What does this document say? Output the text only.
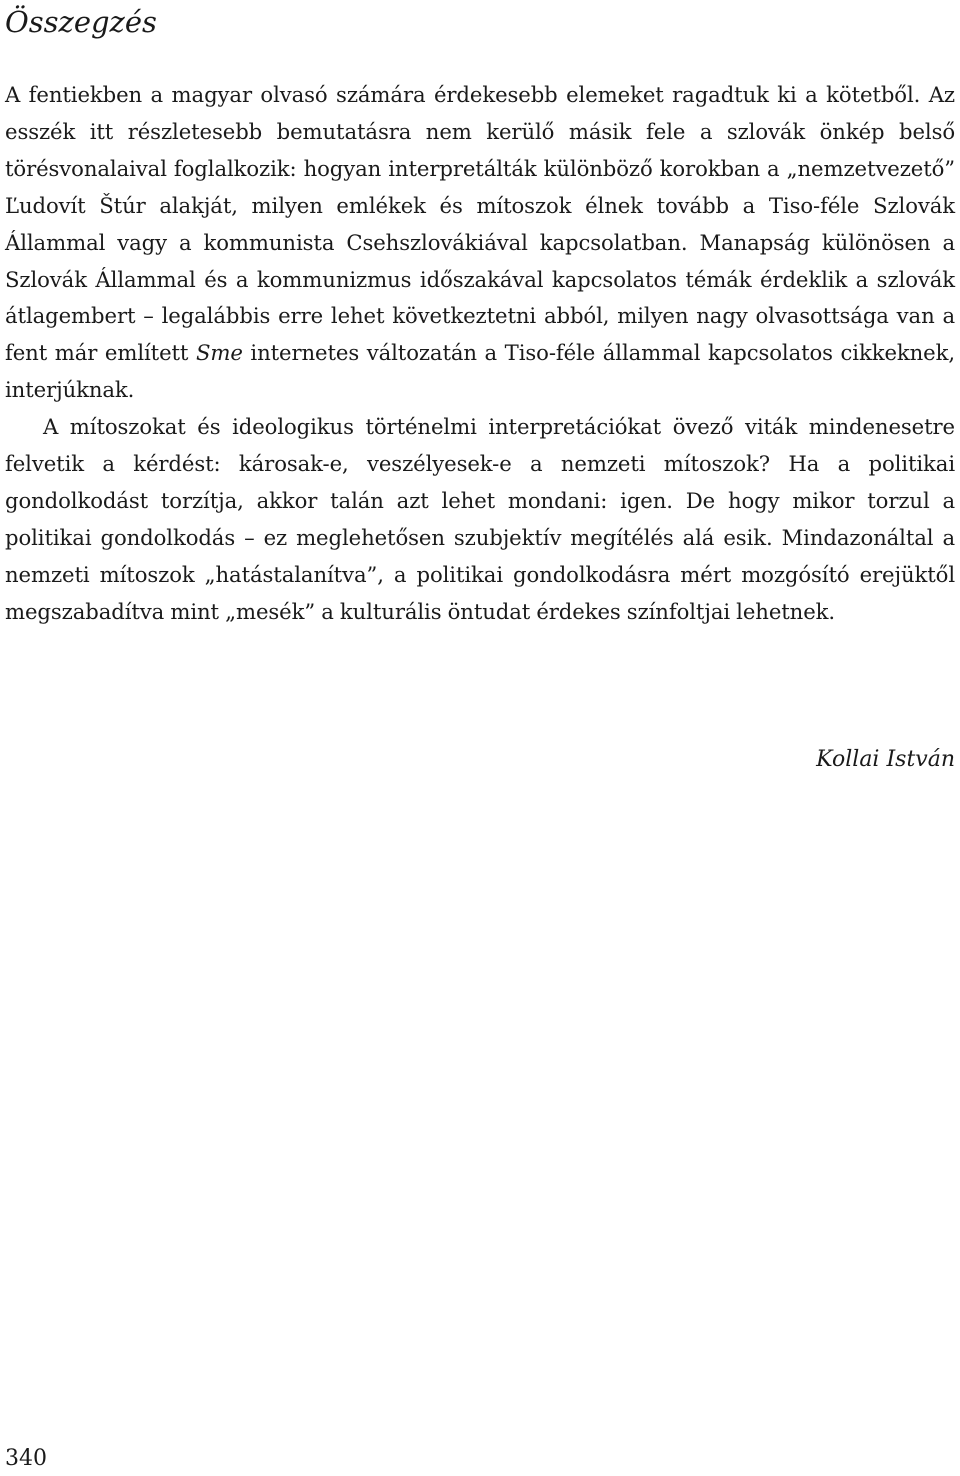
Összegzés

A fentiekben a magyar olvasó számára érdekesebb elemeket ragadtuk ki a kötetből. Az esszék itt részletesebb bemutatásra nem kerülő másik fele a szlovák önkép belső törésvonalaival foglalkozik: hogyan interpretálták különböző korokban a „nemzetvezető” Ľudovít Štúr alakját, milyen emlékek és mítoszok élnek tovább a Tiso-féle Szlovák Állammal vagy a kommunista Csehszlovákiával kapcsolatban. Manapság különösen a Szlovák Állammal és a kommunizmus időszakával kapcsolatos témák érdeklik a szlovák átlagembert – legalábbis erre lehet következtetni abból, milyen nagy olvasottsága van a fent már említett Sme internetes változatán a Tiso-féle állammal kapcsolatos cikkeknek, interjúknak.

A mítoszokat és ideologikus történelmi interpretációkat övező viták mindenesetre felvetik a kérdést: károsak-e, veszélyesek-e a nemzeti mítoszok? Ha a politikai gondolkodást torzítja, akkor talán azt lehet mondani: igen. De hogy mikor torzul a politikai gondolkodás – ez meglehetősen szubjektív megítélés alá esik. Mindazonáltal a nemzeti mítoszok „hatástalanítva”, a politikai gondolkodásra mért mozgósító erejüktől megszabadítva mint „mesék” a kulturális öntudat érdekes színfoltjai lehetnek.

Kollai István

340
